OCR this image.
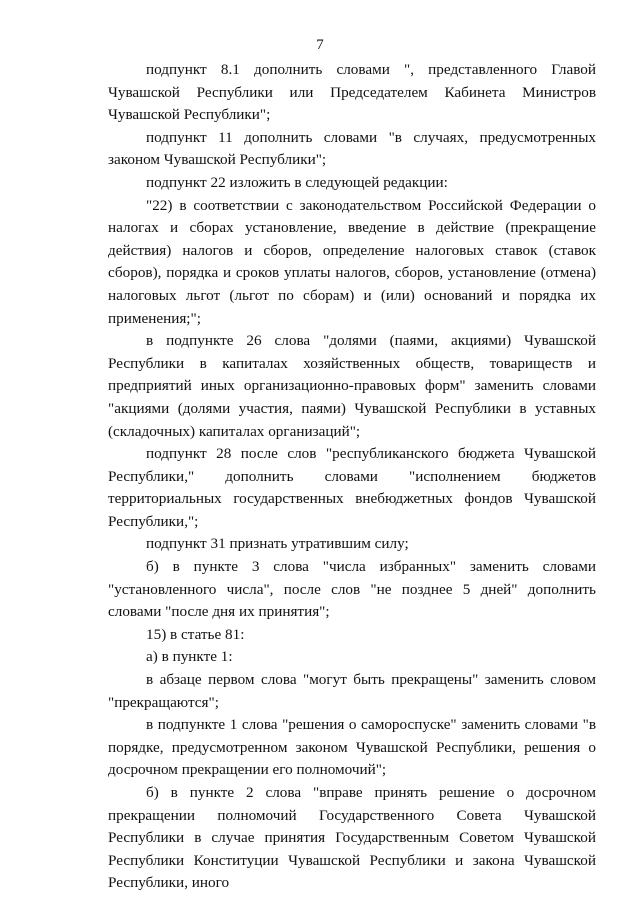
7

подпункт 8.1 дополнить словами ", представленного Главой Чувашской Республики или Председателем Кабинета Министров Чувашской Республики";

подпункт 11 дополнить словами "в случаях, предусмотренных законом Чувашской Республики";

подпункт 22 изложить в следующей редакции:

"22) в соответствии с законодательством Российской Федерации о налогах и сборах установление, введение в действие (прекращение действия) налогов и сборов, определение налоговых ставок (ставок сборов), порядка и сроков уплаты налогов, сборов, установление (отмена) налоговых льгот (льгот по сборам) и (или) оснований и порядка их применения;";

в подпункте 26 слова "долями (паями, акциями) Чувашской Республики в капиталах хозяйственных обществ, товариществ и предприятий иных организационно-правовых форм" заменить словами "акциями (долями участия, паями) Чувашской Республики в уставных (складочных) капиталах организаций";

подпункт 28 после слов "республиканского бюджета Чувашской Республики," дополнить словами "исполнением бюджетов территориальных государственных внебюджетных фондов Чувашской Республики,";

подпункт 31 признать утратившим силу;

б) в пункте 3 слова "числа избранных" заменить словами "установленного числа", после слов "не позднее 5 дней" дополнить словами "после дня их принятия";

15) в статье 81:

а) в пункте 1:

в абзаце первом слова "могут быть прекращены" заменить словом "прекращаются";

в подпункте 1 слова "решения о самороспуске" заменить словами "в порядке, предусмотренном законом Чувашской Республики, решения о досрочном прекращении его полномочий";

б) в пункте 2 слова "вправе принять решение о досрочном прекращении полномочий Государственного Совета Чувашской Республики в случае принятия Государственным Советом Чувашской Республики Конституции Чувашской Республики и закона Чувашской Республики, иного
